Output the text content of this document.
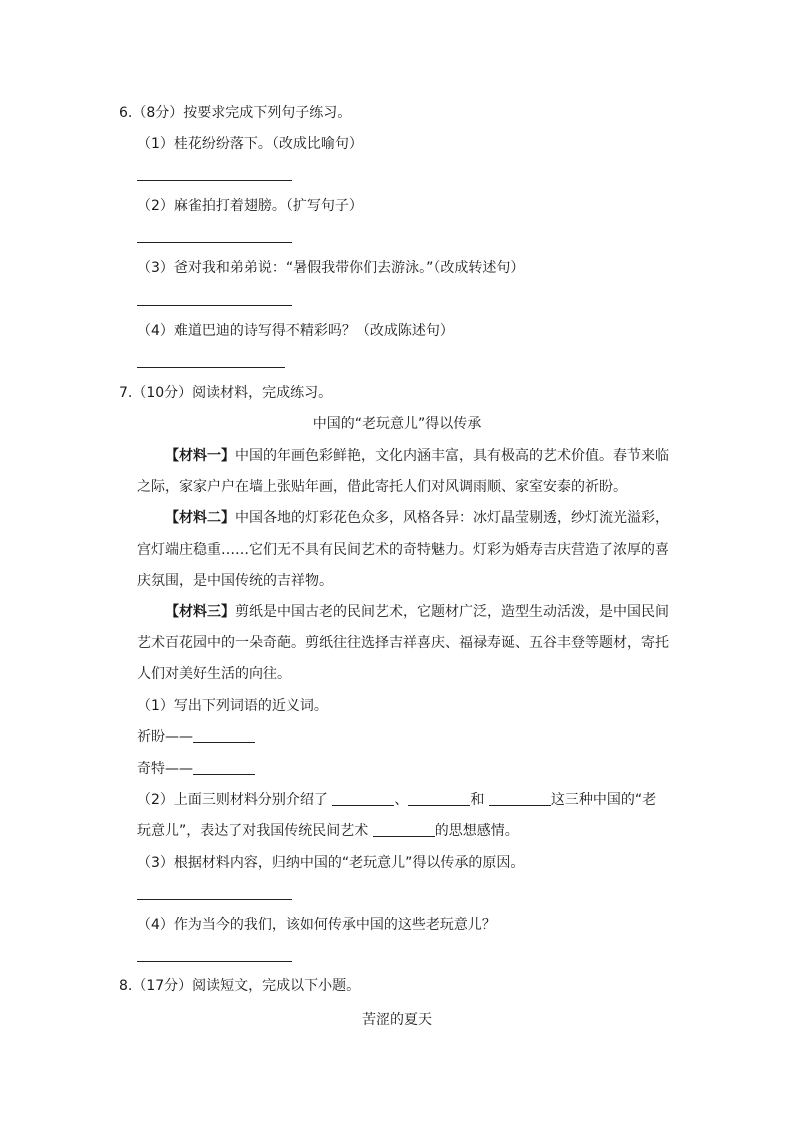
6.（8分）按要求完成下列句子练习。
（1）桂花纷纷落下。（改成比喻句）
（2）麻雀拍打着翅膀。（扩写句子）
（3）爸对我和弟弟说：“暑假我带你们去游泳。”（改成转述句）
（4）难道巴迪的诗写得不精彩吗？（改成陈述句）
7.（10分）阅读材料，完成练习。
中国的“老玩意儿”得以传承
【材料一】中国的年画色彩鲜艳，文化内涵丰富，具有极高的艺术价值。春节来临
之际，家家户户在墙上张贴年画，借此寄托人们对风调雨顺、家室安泰的祈盼。
【材料二】中国各地的灯彩花色众多，风格各异：冰灯晶莹剔透，纱灯流光溢彩，
宫灯端庄稳重……它们无不具有民间艺术的奇特魅力。灯彩为婚寿吉庆营造了浓厚的喜
庆氛围，是中国传统的吉祥物。
【材料三】剪纸是中国古老的民间艺术，它题材广泛，造型生动活泼，是中国民间
艺术百花园中的一朵奇葩。剪纸往往选择吉祥喜庆、福禄寿诞、五谷丰登等题材，寄托
人们对美好生活的向往。
（1）写出下列词语的近义词。
祈盼——
奇特——
（2）上面三则材料分别介绍了	、	和	这三种中国的“老
玩意儿”，表达了对我国传统民间艺术	的思想感情。
（3）根据材料内容，归纳中国的“老玩意儿”得以传承的原因。
（4）作为当今的我们，该如何传承中国的这些老玩意儿？
8.（17分）阅读短文，完成以下小题。
苦涩的夏天
